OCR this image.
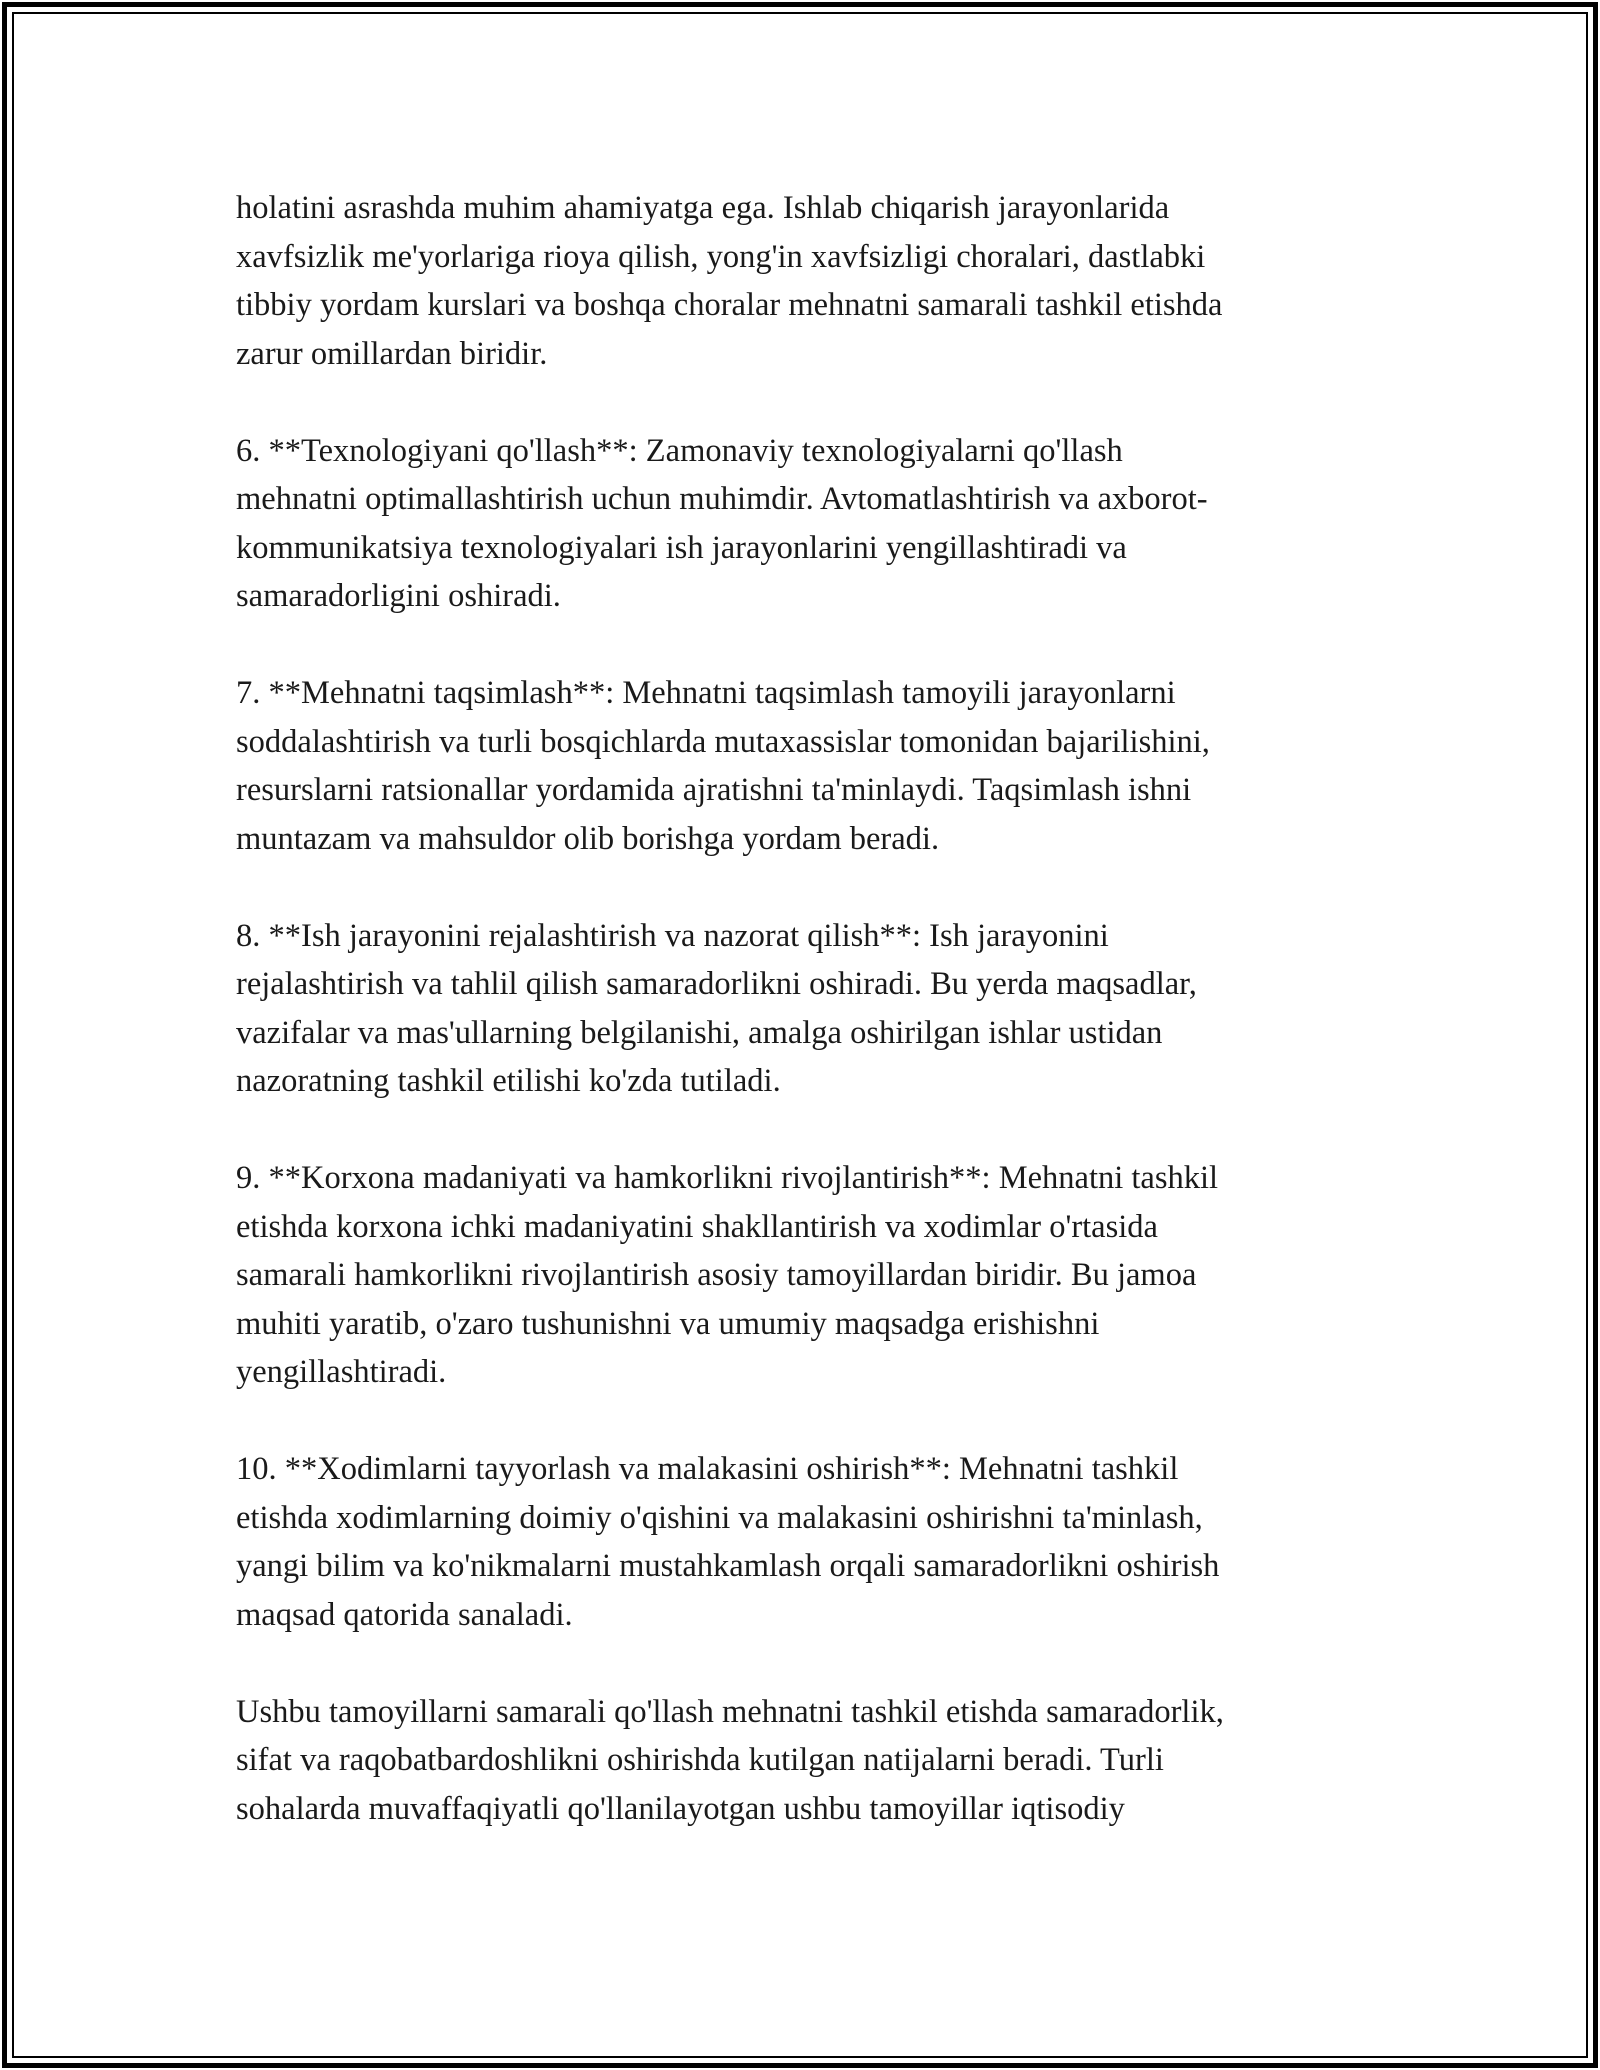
holatini asrashda muhim ahamiyatga ega. Ishlab chiqarish jarayonlarida
xavfsizlik me'yorlariga rioya qilish, yong'in xavfsizligi choralari, dastlabki
tibbiy yordam kurslari va boshqa choralar mehnatni samarali tashkil etishda
zarur omillardan biridir.

6. **Texnologiyani qo'llash**: Zamonaviy texnologiyalarni qo'llash
mehnatni optimallashtirish uchun muhimdir. Avtomatlashtirish va axborot-
kommunikatsiya texnologiyalari ish jarayonlarini yengillashtiradi va
samaradorligini oshiradi.

7. **Mehnatni taqsimlash**: Mehnatni taqsimlash tamoyili jarayonlarni
soddalashtirish va turli bosqichlarda mutaxassislar tomonidan bajarilishini,
resurslarni ratsionallar yordamida ajratishni ta'minlaydi. Taqsimlash ishni
muntazam va mahsuldor olib borishga yordam beradi.

8. **Ish jarayonini rejalashtirish va nazorat qilish**: Ish jarayonini
rejalashtirish va tahlil qilish samaradorlikni oshiradi. Bu yerda maqsadlar,
vazifalar va mas'ullarning belgilanishi, amalga oshirilgan ishlar ustidan
nazoratning tashkil etilishi ko'zda tutiladi.

9. **Korxona madaniyati va hamkorlikni rivojlantirish**: Mehnatni tashkil
etishda korxona ichki madaniyatini shakllantirish va xodimlar o'rtasida
samarali hamkorlikni rivojlantirish asosiy tamoyillardan biridir. Bu jamoa
muhiti yaratib, o'zaro tushunishni va umumiy maqsadga erishishni
yengillashtiradi.

10. **Xodimlarni tayyorlash va malakasini oshirish**: Mehnatni tashkil
etishda xodimlarning doimiy o'qishini va malakasini oshirishni ta'minlash,
yangi bilim va ko'nikmalarni mustahkamlash orqali samaradorlikni oshirish
maqsad qatorida sanaladi.

Ushbu tamoyillarni samarali qo'llash mehnatni tashkil etishda samaradorlik,
sifat va raqobatbardoshlikni oshirishda kutilgan natijalarni beradi. Turli
sohalarda muvaffaqiyatli qo'llanilayotgan ushbu tamoyillar iqtisodiy
